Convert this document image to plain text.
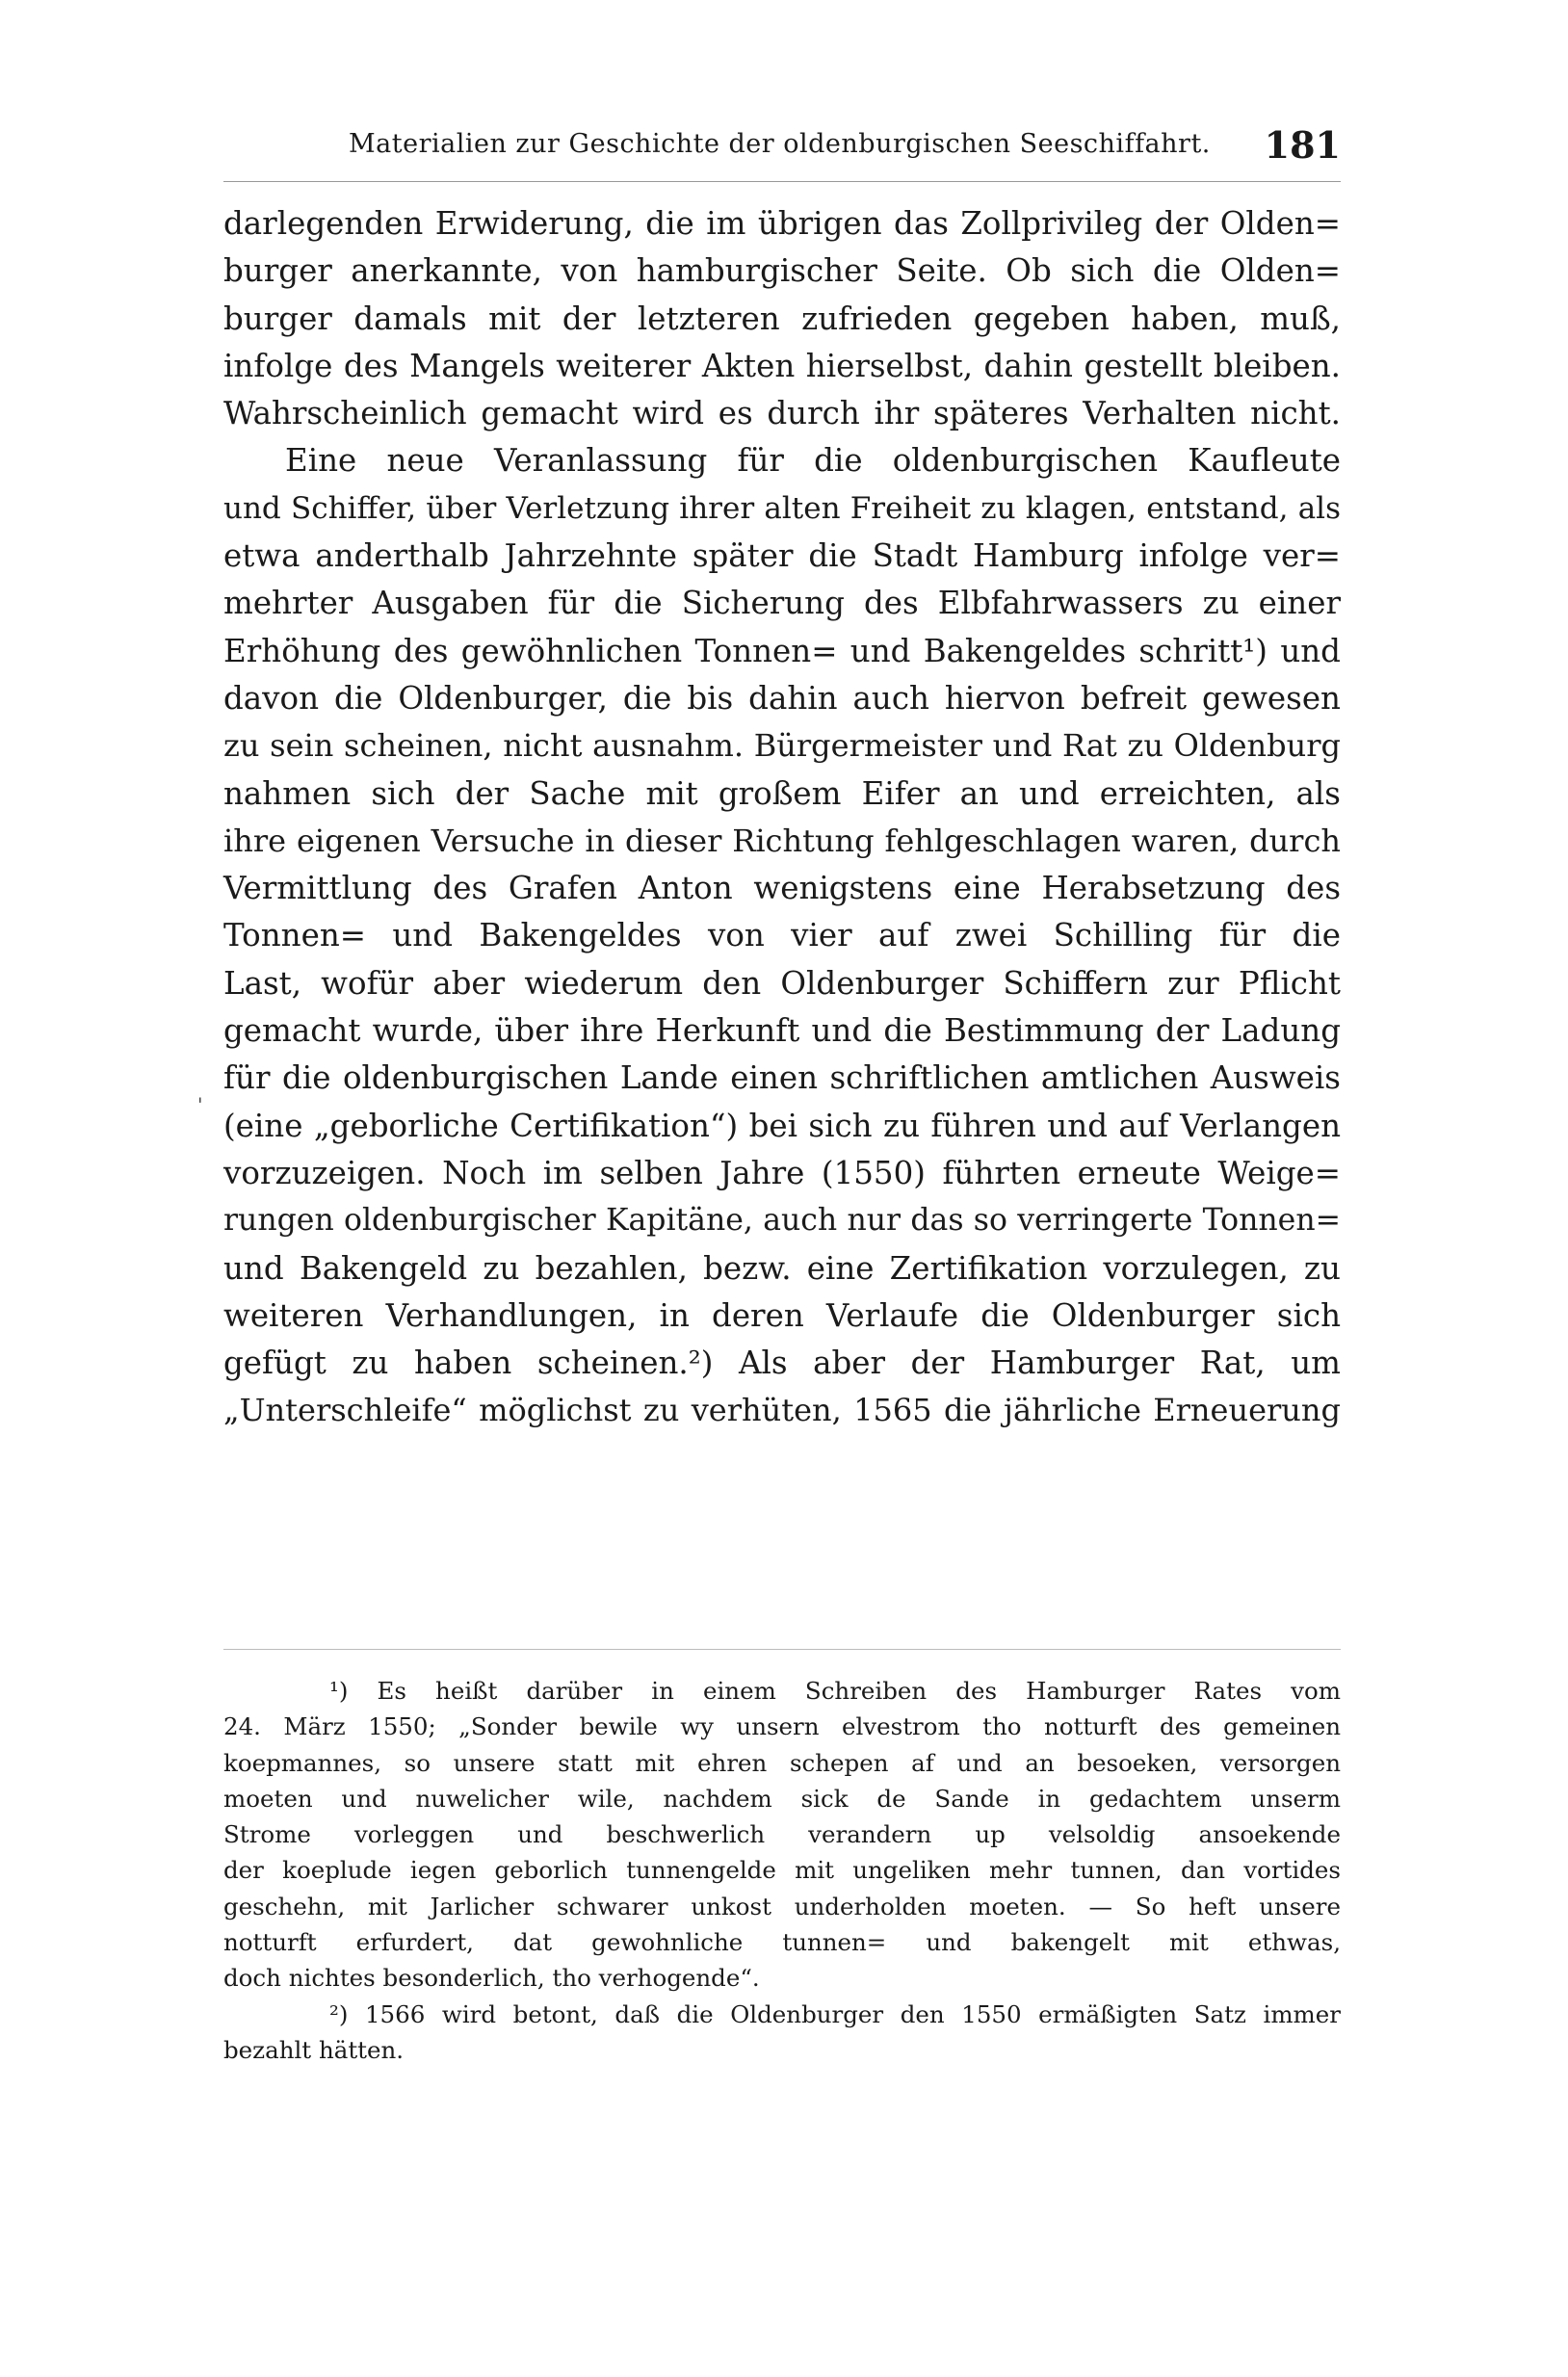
Materialien zur Geschichte der oldenburgischen Seeschiffahrt. 181
'
darlegenden Erwiderung, die im übrigen das Zollprivileg der Olden=
burger anerkannte, von hamburgischer Seite. Ob sich die Olden=
burger damals mit der letzteren zufrieden gegeben haben, muß,
infolge des Mangels weiterer Akten hierselbst, dahin gestellt bleiben.
Wahrscheinlich gemacht wird es durch ihr späteres Verhalten nicht.
Eine neue Veranlassung für die oldenburgischen Kaufleute
und Schiffer, über Verletzung ihrer alten Freiheit zu klagen, entstand, als
etwa anderthalb Jahrzehnte später die Stadt Hamburg infolge ver=
mehrter Ausgaben für die Sicherung des Elbfahrwassers zu einer
Erhöhung des gewöhnlichen Tonnen= und Bakengeldes schritt¹) und
davon die Oldenburger, die bis dahin auch hiervon befreit gewesen
zu sein scheinen, nicht ausnahm. Bürgermeister und Rat zu Oldenburg
nahmen sich der Sache mit großem Eifer an und erreichten, als
ihre eigenen Versuche in dieser Richtung fehlgeschlagen waren, durch
Vermittlung des Grafen Anton wenigstens eine Herabsetzung des
Tonnen= und Bakengeldes von vier auf zwei Schilling für die
Last, wofür aber wiederum den Oldenburger Schiffern zur Pflicht
gemacht wurde, über ihre Herkunft und die Bestimmung der Ladung
für die oldenburgischen Lande einen schriftlichen amtlichen Ausweis
(eine „geborliche Certifikation“) bei sich zu führen und auf Verlangen
vorzuzeigen. Noch im selben Jahre (1550) führten erneute Weige=
rungen oldenburgischer Kapitäne, auch nur das so verringerte Tonnen=
und Bakengeld zu bezahlen, bezw. eine Zertifikation vorzulegen, zu
weiteren Verhandlungen, in deren Verlaufe die Oldenburger sich
gefügt zu haben scheinen.²) Als aber der Hamburger Rat, um
„Unterschleife“ möglichst zu verhüten, 1565 die jährliche Erneuerung
¹) Es heißt darüber in einem Schreiben des Hamburger Rates vom
24. März 1550; „Sonder bewile wy unsern elvestrom tho notturft des gemeinen
koepmannes, so unsere statt mit ehren schepen af und an besoeken, versorgen
moeten und nuwelicher wile, nachdem sick de Sande in gedachtem unserm
Strome vorleggen und beschwerlich verandern up velsoldig ansoekende
der koeplude iegen geborlich tunnengelde mit ungeliken mehr tunnen, dan vortides
geschehn, mit Jarlicher schwarer unkost underholden moeten. — So heft unsere
notturft erfurdert, dat gewohnliche tunnen= und bakengelt mit ethwas,
doch nichtes besonderlich, tho verhogende“.
²) 1566 wird betont, daß die Oldenburger den 1550 ermäßigten Satz immer
bezahlt hätten.
